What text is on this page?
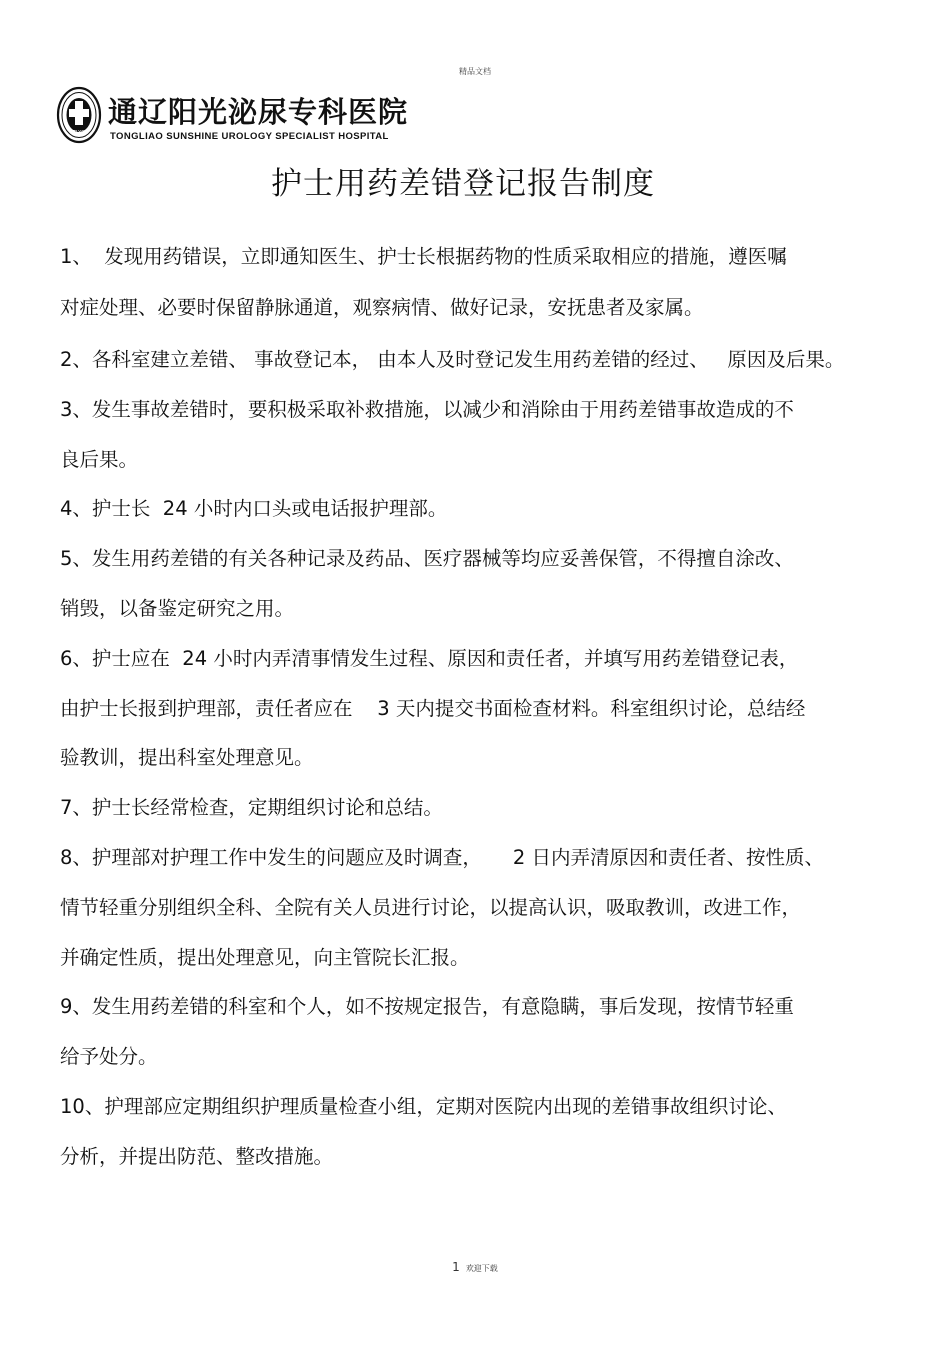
精品文档
TLYG
通辽阳光泌尿专科医院
TONGLIAO SUNSHINE UROLOGY SPECIALIST HOSPITAL
护士用药差错登记报告制度
1、  发现用药错误，立即通知医生、护士长根据药物的性质采取相应的措施，遵医嘱
对症处理、必要时保留静脉通道，观察病情、做好记录，安抚患者及家属。
2、各科室建立差错、 事故登记本， 由本人及时登记发生用药差错的经过、   原因及后果。
3、发生事故差错时，要积极采取补救措施，以减少和消除由于用药差错事故造成的不
良后果。
4、护士长  24 小时内口头或电话报护理部。
5、发生用药差错的有关各种记录及药品、医疗器械等均应妥善保管，不得擅自涂改、
销毁，以备鉴定研究之用。
6、护士应在  24 小时内弄清事情发生过程、原因和责任者，并填写用药差错登记表，
由护士长报到护理部，责任者应在    3 天内提交书面检查材料。科室组织讨论，总结经
验教训，提出科室处理意见。
7、护士长经常检查，定期组织讨论和总结。
8、护理部对护理工作中发生的问题应及时调查，     2 日内弄清原因和责任者、按性质、
情节轻重分别组织全科、全院有关人员进行讨论，以提高认识，吸取教训，改进工作，
并确定性质，提出处理意见，向主管院长汇报。
9、发生用药差错的科室和个人，如不按规定报告，有意隐瞒，事后发现，按情节轻重
给予处分。
10、护理部应定期组织护理质量检查小组，定期对医院内出现的差错事故组织讨论、
分析，并提出防范、整改措施。
1 欢迎下载
